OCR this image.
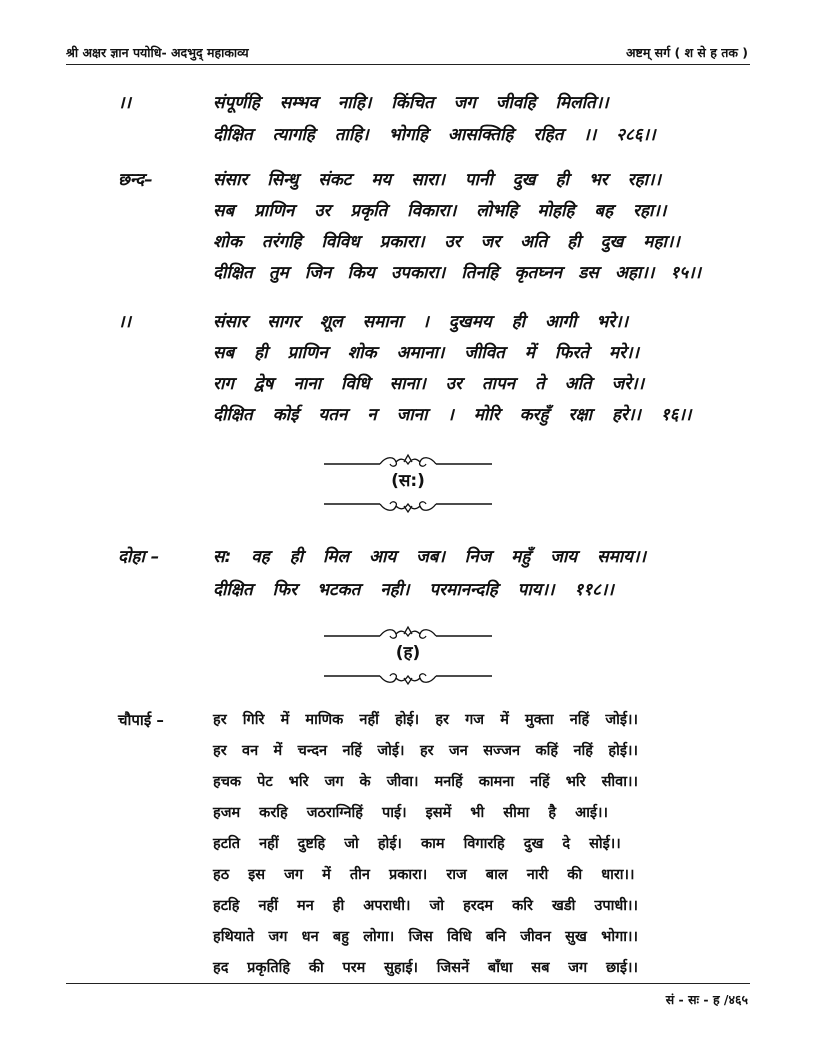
श्री अक्षर ज्ञान पयोधि- अदभुद् महाकाव्य	अष्टम् सर्ग ( श से ह तक )
।।	संपूर्णहि सम्भव नाहि। किंचित जग जीवहि मिलति।।
दीक्षित त्यागहि ताहि। भोगहि आसक्तिहि रहित ।। २८६।।
छन्द–	संसार सिन्धु संकट मय सारा। पानी दुख ही भर रहा।।
सब प्राणिन उर प्रकृति विकारा। लोभहि मोहहि बह रहा।।
शोक तरंगहि विविध प्रकारा। उर जर अति ही दुख महा।।
दीक्षित तुम जिन किय उपकारा। तिनहि कृतघ्नन डस अहा।। १५।।
।।	संसार सागर शूल समाना । दुखमय ही आगी भरे।।
सब ही प्राणिन शोक अमाना। जीवित में फिरते मरे।।
राग द्वेष नाना विधि साना। उर तापन ते अति जरे।।
दीक्षित कोई यतन न जाना । मोरि करहुँ रक्षा हरे।। १६।।
(स:)
दोहा –	स: वह ही मिल आय जब। निज महुँ जाय समाय।।
दीक्षित फिर भटकत नही। परमानन्दहि पाय।। ११८।।
(ह)
चौपाई –	हर गिरि में माणिक नहीं होई। हर गज में मुक्ता नहिं जोई।।
हर वन में चन्दन नहिं जोई। हर जन सज्जन कहिं नहिं होई।।
हचक पेट भरि जग के जीवा। मनहिं कामना नहिं भरि सीवा।।
हजम करहि जठराग्निहिं पाई। इसमें भी सीमा है आई।।
हटति नहीं दुष्टहि जो होई। काम विगारहि दुख दे सोई।।
हठ इस जग में तीन प्रकारा। राज बाल नारी की धारा।।
हटहि नहीं मन ही अपराधी। जो हरदम करि खडी उपाधी।।
हथियाते जग धन बहु लोगा। जिस विधि बनि जीवन सुख भोगा।।
हद प्रकृतिहि की परम सुहाई। जिसनें बाँधा सब जग छाई।।
सं - सः - ह /४६५
